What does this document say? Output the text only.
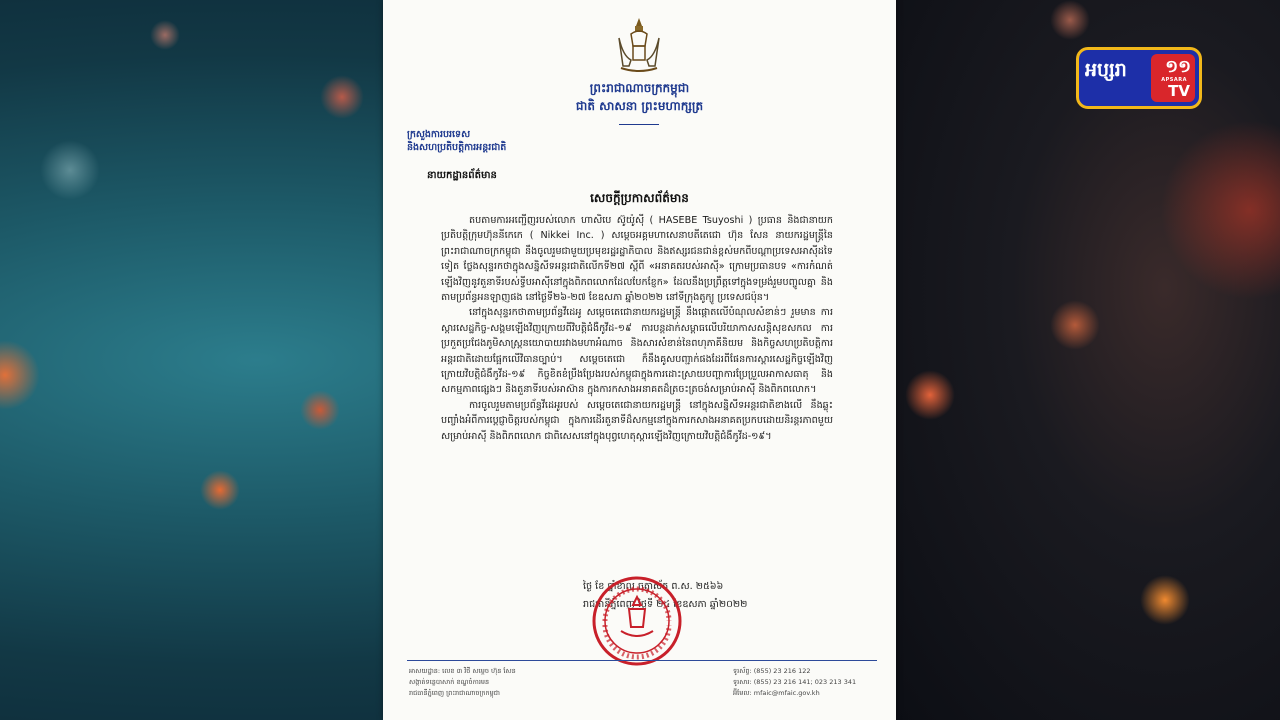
ព្រះរាជាណាចក្រកម្ពុជា
ជាតិ សាសនា ព្រះមហាក្សត្រ
ក្រសួងការបរទេស
និងសហប្រតិបត្តិការអន្តរជាតិ
នាយកដ្ឋានព័ត៌មាន
សេចក្តីប្រកាសព័ត៌មាន

តបតាមការអញ្ជើញរបស់លោក ហាសិបេ ស៊ូយ៉ូស៊ី ( HASEBE Tsuyoshi ) ប្រធាន និងជានាយកប្រតិបត្តិក្រុមហ៊ុននីកេកេ ( Nikkei Inc. ) សម្តេចអគ្គមហាសេនាបតីតេជោ ហ៊ុន សែន នាយករដ្ឋមន្ត្រីនៃព្រះរាជាណាចក្រកម្ពុជា នឹងចូលរួមជាមួយប្រមុខរដ្ឋរដ្ឋាភិបាល និងឥស្សរជនជាន់ខ្ពស់មកពីបណ្តាប្រទេសអាស៊ីដទៃទៀត ថ្លែងសុន្ទរកថាក្នុងសន្និសីទអន្តរជាតិលើកទី២៧ ស្តីពី «អនាគតរបស់អាស៊ី» ក្រោមប្រធានបទ «ការកំណត់ឡើងវិញនូវតួនាទីរបស់ទ្វីបអាស៊ីនៅក្នុងពិភពលោកដែលបែកខ្ញែក» ដែលនឹងប្រព្រឹត្តទៅក្នុងទម្រង់រួមបញ្ចូលគ្នា និងតាមប្រព័ន្ធអនឡាញផង នៅថ្ងៃទី២៦-២៧ ខែឧសភា ឆ្នាំ២០២២ នៅទីក្រុងតូក្យូ ប្រទេសជប៉ុន។

នៅក្នុងសុន្ទរកថាតាមប្រព័ន្ធវីដេអូ សម្តេចតេជោនាយករដ្ឋមន្ត្រី នឹងផ្តោតលើបំណុលសំខាន់ៗ រួមមាន ការស្តារសេដ្ឋកិច្ច-សង្គមឡើងវិញក្រោយពីវិបត្តិជំងឺកូវីដ-១៩ ការបន្តដាក់សម្ពាធលើបរិយាកាសសន្តិសុខសកល ការប្រកួតប្រជែងភូមិសាស្ត្រនយោបាយរវាងមហាអំណាច និងសារសំខាន់នៃពហុភាគីនិយម និងកិច្ចសហប្រតិបត្តិការអន្តរជាតិដោយផ្អែកលើវិធានច្បាប់។ សម្តេចតេជោ ក៏នឹងគូសបញ្ជាក់ផងដែរពីផែនការស្តារសេដ្ឋកិច្ចឡើងវិញក្រោយវិបត្តិជំងឺកូវីដ-១៩ កិច្ចខិតខំប្រឹងប្រែងរបស់កម្ពុជាក្នុងការដោះស្រាយបញ្ហាការប្រែប្រួលអាកាសធាតុ និងសកម្មភាពផ្សេងៗ និងតួនាទីរបស់អាស៊ាន ក្នុងការកសាងអនាគតដ៏ត្រចះត្រចង់សម្រាប់អាស៊ី និងពិភពលោក។

ការចូលរួមតាមប្រព័ន្ធវីដេអូរបស់ សម្តេចតេជោនាយករដ្ឋមន្ត្រី នៅក្នុងសន្និសីទអន្តរជាតិខាងលើ នឹងឆ្លុះបញ្ចាំងអំពីការប្តេជ្ញាចិត្តរបស់កម្ពុជា ក្នុងការដើរតួនាទីដ៏សកម្មនៅក្នុងការកសាងអនាគតប្រកបដោយនិរន្តរភាពមួយសម្រាប់អាស៊ី និងពិភពលោក ជាពិសេសនៅក្នុងបុព្វហេតុស្តារឡើងវិញក្រោយវិបត្តិជំងឺកូវីដ-១៩។

ថ្ងៃ ខែ ឆ្នាំខាល ចត្វាស័ក ព.ស. ២៥៦៦
រាជធានីភ្នំពេញ ថ្ងៃទី ២៤ ខែឧសភា ឆ្នាំ២០២២
អាសយដ្ឋាន: លេខ ៣ វិថី សម្តេច ហ៊ុន សែន
សង្កាត់ទន្លេបាសាក់ ខណ្ឌចំការមន
រាជធានីភ្នំពេញ ព្រះរាជាណាចក្រកម្ពុជា
ទូរស័ព្ទ: (855) 23 216 122
ទូរសារ: (855) 23 216 141; 023 213 341
អ៊ីមែល: mfaic@mfaic.gov.kh
អប្សរា ១១
APSARA
TV
